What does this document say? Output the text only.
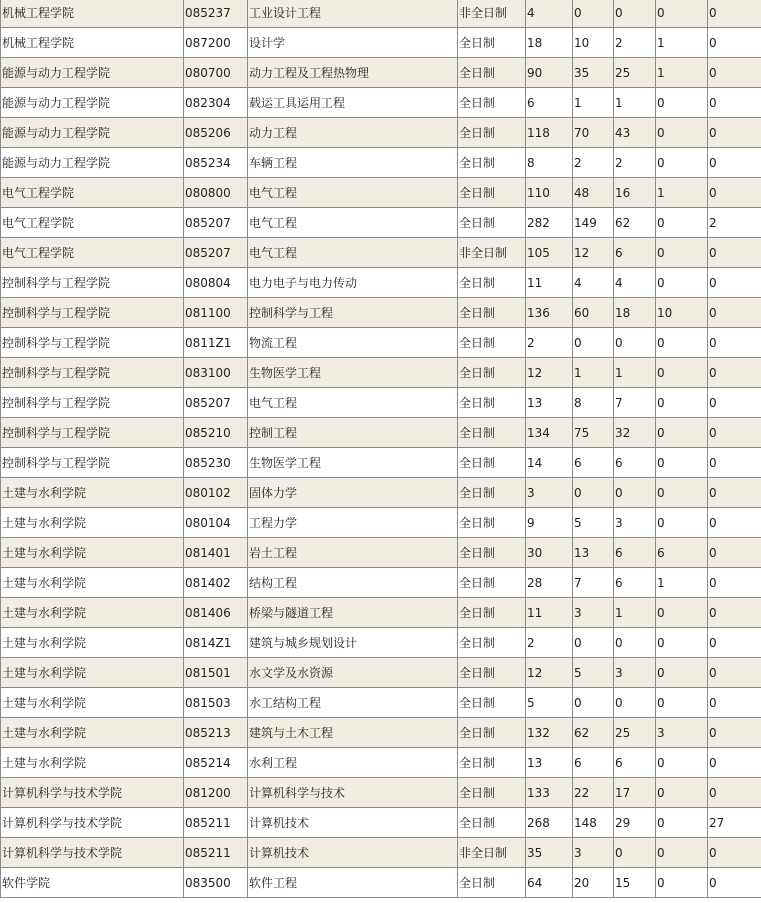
机械工程学院	085237	工业设计工程	非全日制	4	0	0	0	0
机械工程学院	087200	设计学	全日制	18	10	2	1	0
能源与动力工程学院	080700	动力工程及工程热物理	全日制	90	35	25	1	0
能源与动力工程学院	082304	载运工具运用工程	全日制	6	1	1	0	0
能源与动力工程学院	085206	动力工程	全日制	118	70	43	0	0
能源与动力工程学院	085234	车辆工程	全日制	8	2	2	0	0
电气工程学院	080800	电气工程	全日制	110	48	16	1	0
电气工程学院	085207	电气工程	全日制	282	149	62	0	2
电气工程学院	085207	电气工程	非全日制	105	12	6	0	0
控制科学与工程学院	080804	电力电子与电力传动	全日制	11	4	4	0	0
控制科学与工程学院	081100	控制科学与工程	全日制	136	60	18	10	0
控制科学与工程学院	0811Z1	物流工程	全日制	2	0	0	0	0
控制科学与工程学院	083100	生物医学工程	全日制	12	1	1	0	0
控制科学与工程学院	085207	电气工程	全日制	13	8	7	0	0
控制科学与工程学院	085210	控制工程	全日制	134	75	32	0	0
控制科学与工程学院	085230	生物医学工程	全日制	14	6	6	0	0
土建与水利学院	080102	固体力学	全日制	3	0	0	0	0
土建与水利学院	080104	工程力学	全日制	9	5	3	0	0
土建与水利学院	081401	岩土工程	全日制	30	13	6	6	0
土建与水利学院	081402	结构工程	全日制	28	7	6	1	0
土建与水利学院	081406	桥梁与隧道工程	全日制	11	3	1	0	0
土建与水利学院	0814Z1	建筑与城乡规划设计	全日制	2	0	0	0	0
土建与水利学院	081501	水文学及水资源	全日制	12	5	3	0	0
土建与水利学院	081503	水工结构工程	全日制	5	0	0	0	0
土建与水利学院	085213	建筑与土木工程	全日制	132	62	25	3	0
土建与水利学院	085214	水利工程	全日制	13	6	6	0	0
计算机科学与技术学院	081200	计算机科学与技术	全日制	133	22	17	0	0
计算机科学与技术学院	085211	计算机技术	全日制	268	148	29	0	27
计算机科学与技术学院	085211	计算机技术	非全日制	35	3	0	0	0
软件学院	083500	软件工程	全日制	64	20	15	0	0
